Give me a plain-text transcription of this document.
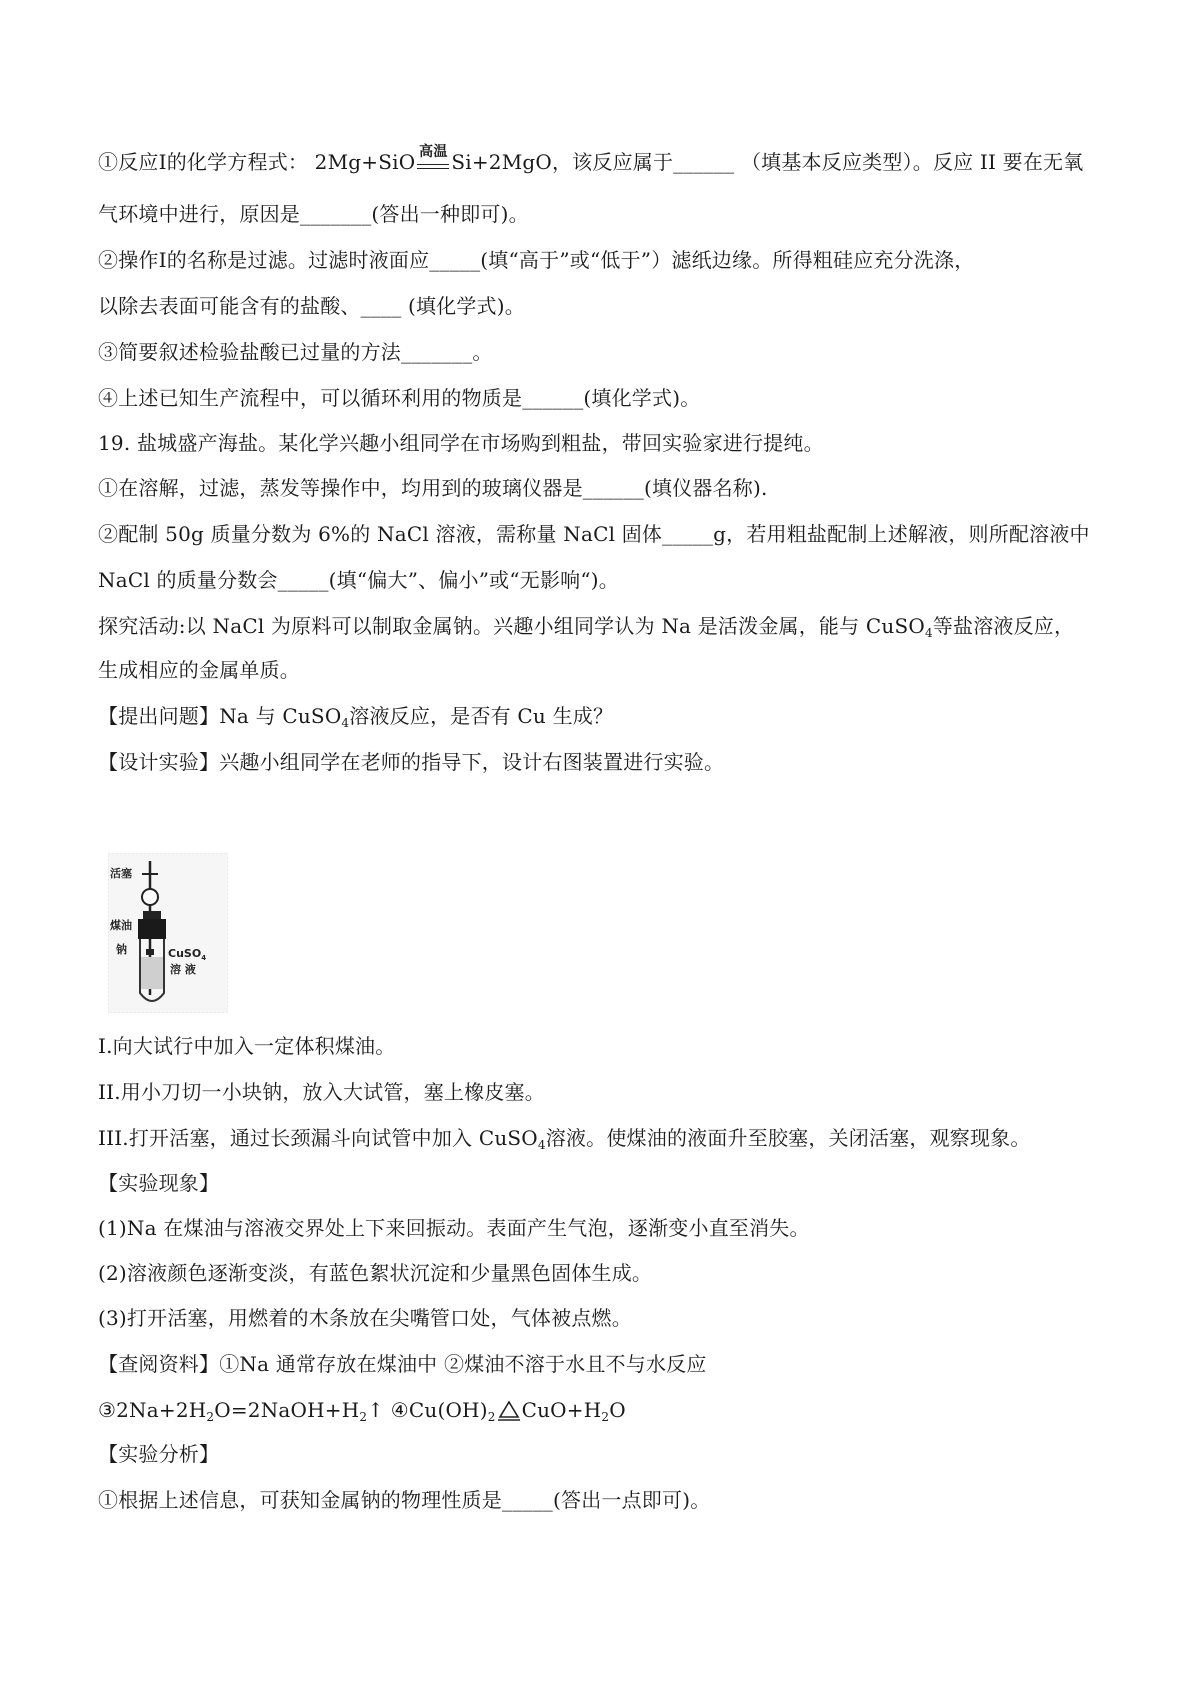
①反应Ⅰ的化学方程式： 2Mg+SiO 高温 Si+2MgO，该反应属于______ （填基本反应类型）。反应 II 要在无氧
气环境中进行，原因是_______(答出一种即可)。
②操作Ⅰ的名称是过滤。过滤时液面应_____(填“高于”或“低于”）滤纸边缘。所得粗硅应充分洗涤，
以除去表面可能含有的盐酸、____ (填化学式)。
③简要叙述检验盐酸已过量的方法_______。
④上述已知生产流程中，可以循环利用的物质是______(填化学式)。
19. 盐城盛产海盐。某化学兴趣小组同学在市场购到粗盐，带回实验家进行提纯。
①在溶解，过滤，蒸发等操作中，均用到的玻璃仪器是______(填仪器名称).
②配制 50g 质量分数为 6%的 NaCl 溶液，需称量 NaCl 固体_____g，若用粗盐配制上述解液，则所配溶液中
NaCl 的质量分数会_____(填“偏大”、偏小”或“无影响“)。
探究活动:以 NaCl 为原料可以制取金属钠。兴趣小组同学认为 Na 是活泼金属，能与 CuSO$_4$等盐溶液反应，
生成相应的金属单质。
【提出问题】Na 与 CuSO$_4$溶液反应，是否有 Cu 生成？
【设计实验】兴趣小组同学在老师的指导下，设计右图装置进行实验。
活塞
煤油
钠	CuSO$_4$
溶 液
I.向大试行中加入一定体积煤油。
II.用小刀切一小块钠，放入大试管，塞上橡皮塞。
III.打开活塞，通过长颈漏斗向试管中加入 CuSO$_4$溶液。使煤油的液面升至胶塞，关闭活塞，观察现象。
【实验现象】
(1)Na 在煤油与溶液交界处上下来回振动。表面产生气泡，逐渐变小直至消失。
(2)溶液颜色逐渐变淡，有蓝色絮状沉淀和少量黑色固体生成。
(3)打开活塞，用燃着的木条放在尖嘴管口处，气体被点燃。
【查阅资料】①Na 通常存放在煤油中 ②煤油不溶于水且不与水反应
$③2Na+2H_2O=2NaOH+H_2↑$ $④Cu(OH)_2$ $CuO+H_2O$
【实验分析】
①根据上述信息，可获知金属钠的物理性质是_____(答出一点即可)。
